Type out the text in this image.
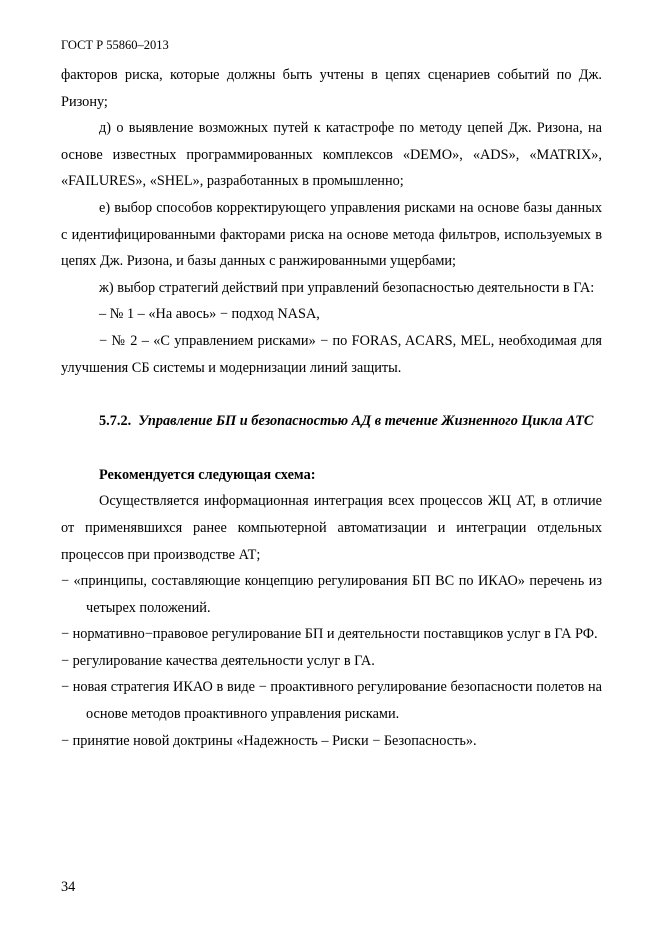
ГОСТ Р 55860–2013

факторов риска, которые должны быть учтены в цепях сценариев событий по Дж. Ризону;

д) о выявление возможных путей к катастрофе по методу цепей Дж. Ризона, на основе известных программированных комплексов «DEMO», «ADS», «MATRIX», «FAILURES», «SHEL», разработанных в промышленно;

е) выбор способов корректирующего управления рисками на основе базы данных с идентифицированными факторами риска на основе метода фильтров, используемых в цепях Дж. Ризона, и базы данных с ранжированными ущербами;

ж) выбор стратегий действий при управлений безопасностью деятельности в ГА:

– № 1 – «На авось» − подход NASA,

− № 2 – «С управлением рисками» − по FORAS, ACARS, MEL, необходимая для улучшения СБ системы и модернизации линий защиты.

5.7.2. Управление БП и безопасностью АД в течение Жизненного Цикла АТС

Рекомендуется следующая схема:

Осуществляется информационная интеграция всех процессов ЖЦ АТ, в отличие от применявшихся ранее компьютерной автоматизации и интеграции отдельных процессов при производстве АТ;

− «принципы, составляющие концепцию регулирования БП ВС по ИКАО» перечень из четырех положений.

− нормативно−правовое регулирование БП и деятельности поставщиков услуг в ГА РФ.

− регулирование качества деятельности услуг в ГА.

− новая стратегия ИКАО в виде − проактивного регулирование безопасности полетов на основе методов проактивного управления рисками.

− принятие новой доктрины «Надежность – Риски − Безопасность».

34
